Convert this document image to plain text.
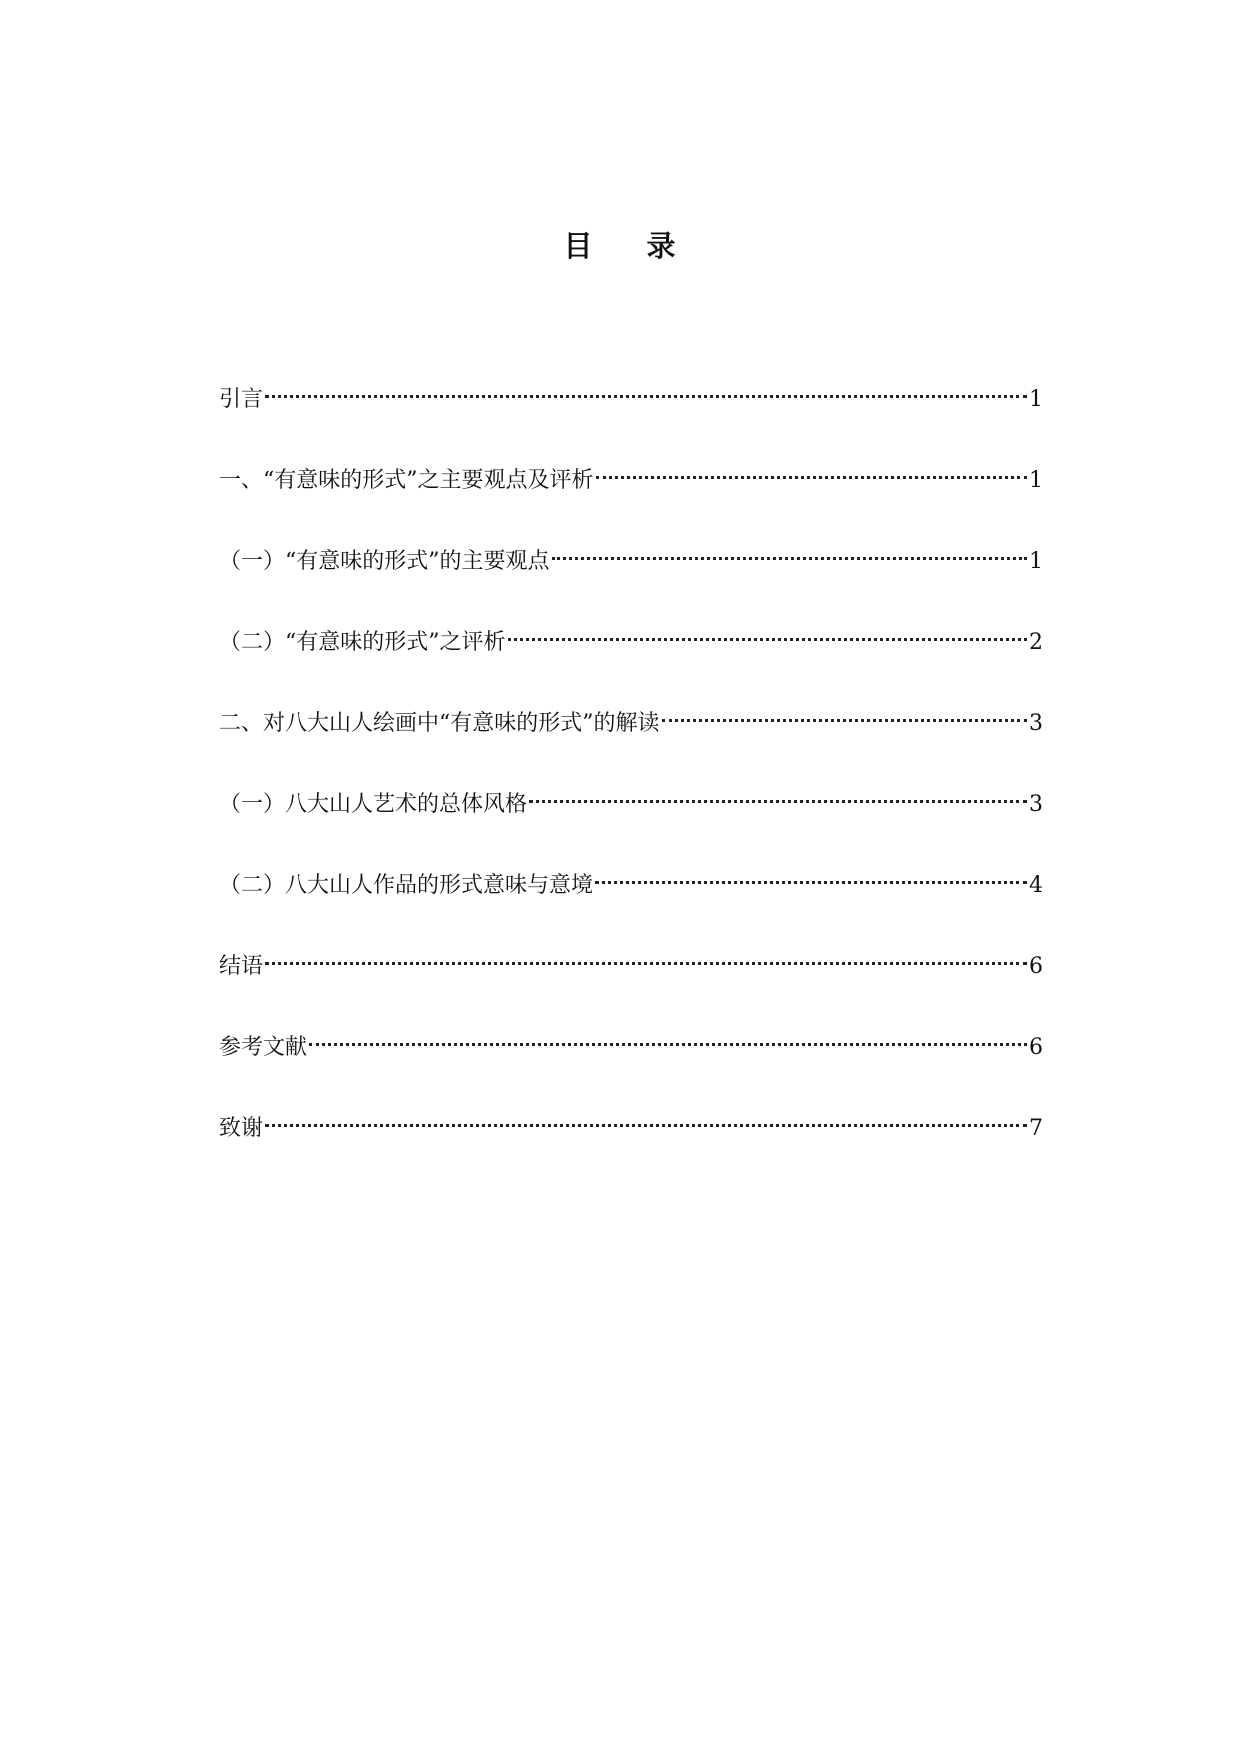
目 录
引言	1
一、“有意味的形式”之主要观点及评析	1
（一）“有意味的形式”的主要观点	1
（二）“有意味的形式”之评析	2
二、对八大山人绘画中“有意味的形式”的解读	3
（一）八大山人艺术的总体风格	3
（二）八大山人作品的形式意味与意境	4
结语	6
参考文献	6
致谢	7
